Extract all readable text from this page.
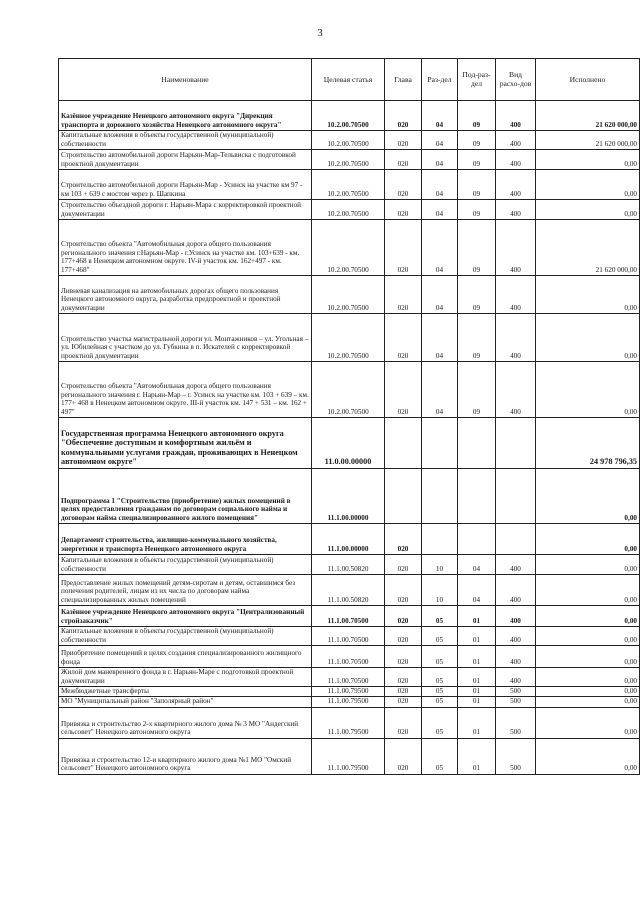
3
Наименование	Целевая статья	Глава	Раз-дел	Под-раз-дел	Вид расхо-дов	Исполнено
Казённое учреждение Ненецкого автономного округа "Дирекция транспорта и дорожного хозяйства Ненецкого автономного округа"	10.2.00.70500	020	04	09	400	21 620 000,00
Капитальные вложения в объекты государственной (муниципальной) собственности	10.2.00.70500	020	04	09	400	21 620 000,00
Строительство автомобильной дороги Нарьян-Мар-Тельвиска с подготовкой проектной документации	10.2.00.70500	020	04	09	400	0,00
Строительство автомобильной дороги Нарьян-Мар - Усинск на участке км 97 - км 103 + 639 с мостом через р. Шапкина	10.2.00.70500	020	04	09	400	0,00
Строительство объездной дороги г. Нарьян-Мара с корректировкой проектной документации	10.2.00.70500	020	04	09	400	0,00
Строительство объекта "Автомобильная дорога общего пользования регионального значения г.Нарьян-Мар - г.Усинск на участке км. 103+639 - км. 177+468 в Ненецком автономном округе. IV-й участок км. 162+497 - км. 177+468"	10.2.00.70500	020	04	09	400	21 620 000,00
Ливневая канализация на автомобильных дорогах общего пользования Ненецкого автономного округа, разработка предпроектной и проектной документации	10.2.00.70500	020	04	09	400	0,00
Строительство участка магистральной дороги ул. Монтажников – ул. Угольная – ул. Юбилейная с участком до ул. Губкина в п. Искателей с корректировкой проектной документации	10.2.00.70500	020	04	09	400	0,00
Строительство объекта "Автомобильная дорога общего пользования регионального значения г. Нарьян-Мар – г. Усинск на участке км. 103 + 639 – км. 177+ 468 в Ненецком автономном округе. III-й участок км. 147 + 531 – км. 162 + 497"	10.2.00.70500	020	04	09	400	0,00
Государственная программа Ненецкого автономного округа "Обеспечение доступным и комфортным жильём и коммунальными услугами граждан, проживающих в Ненецком автономном округе"	11.0.00.00000					24 978 796,35
Подпрограмма 1 "Строительство (приобретение) жилых помещений в целях предоставления гражданам по договорам социального найма и договорам найма специализированного жилого помещения"	11.1.00.00000					0,00
Департамент строительства, жилищно-коммунального хозяйства, энергетики и транспорта Ненецкого автономного округа	11.1.00.00000	020				0,00
Капитальные вложения в объекты государственной (муниципальной) собственности	11.1.00.50820	020	10	04	400	0,00
Предоставление жилых помещений детям-сиротам и детям, оставшимся без попечения родителей, лицам из их числа по договорам найма специализированных жилых помещений	11.1.00.50820	020	10	04	400	0,00
Казённое учреждение Ненецкого автономного округа "Централизованный стройзаказчик"	11.1.00.70500	020	05	01	400	0,00
Капитальные вложения в объекты государственной (муниципальной) собственности	11.1.00.70500	020	05	01	400	0,00
Приобретение помещений в целях создания специализированного жилищного фонда	11.1.00.70500	020	05	01	400	0,00
Жилой дом маневренного фонда в г. Нарьян-Маре с подготовкой проектной документации	11.1.00.70500	020	05	01	400	0,00
Межбюджетные трансферты	11.1.00.79500	020	05	01	500	0,00
МО "Муниципальный район "Заполярный район"	11.1.00.79500	020	05	01	500	0,00
Привязка и строительство 2-х квартирного жилого дома № 3 МО "Андегский сельсовет" Ненецкого автономного округа	11.1.00.79500	020	05	01	500	0,00
Привязка и строительство 12-и квартирного жилого дома №1 МО "Омский сельсовет" Ненецкого автономного округа	11.1.00.79500	020	05	01	500	0,00
